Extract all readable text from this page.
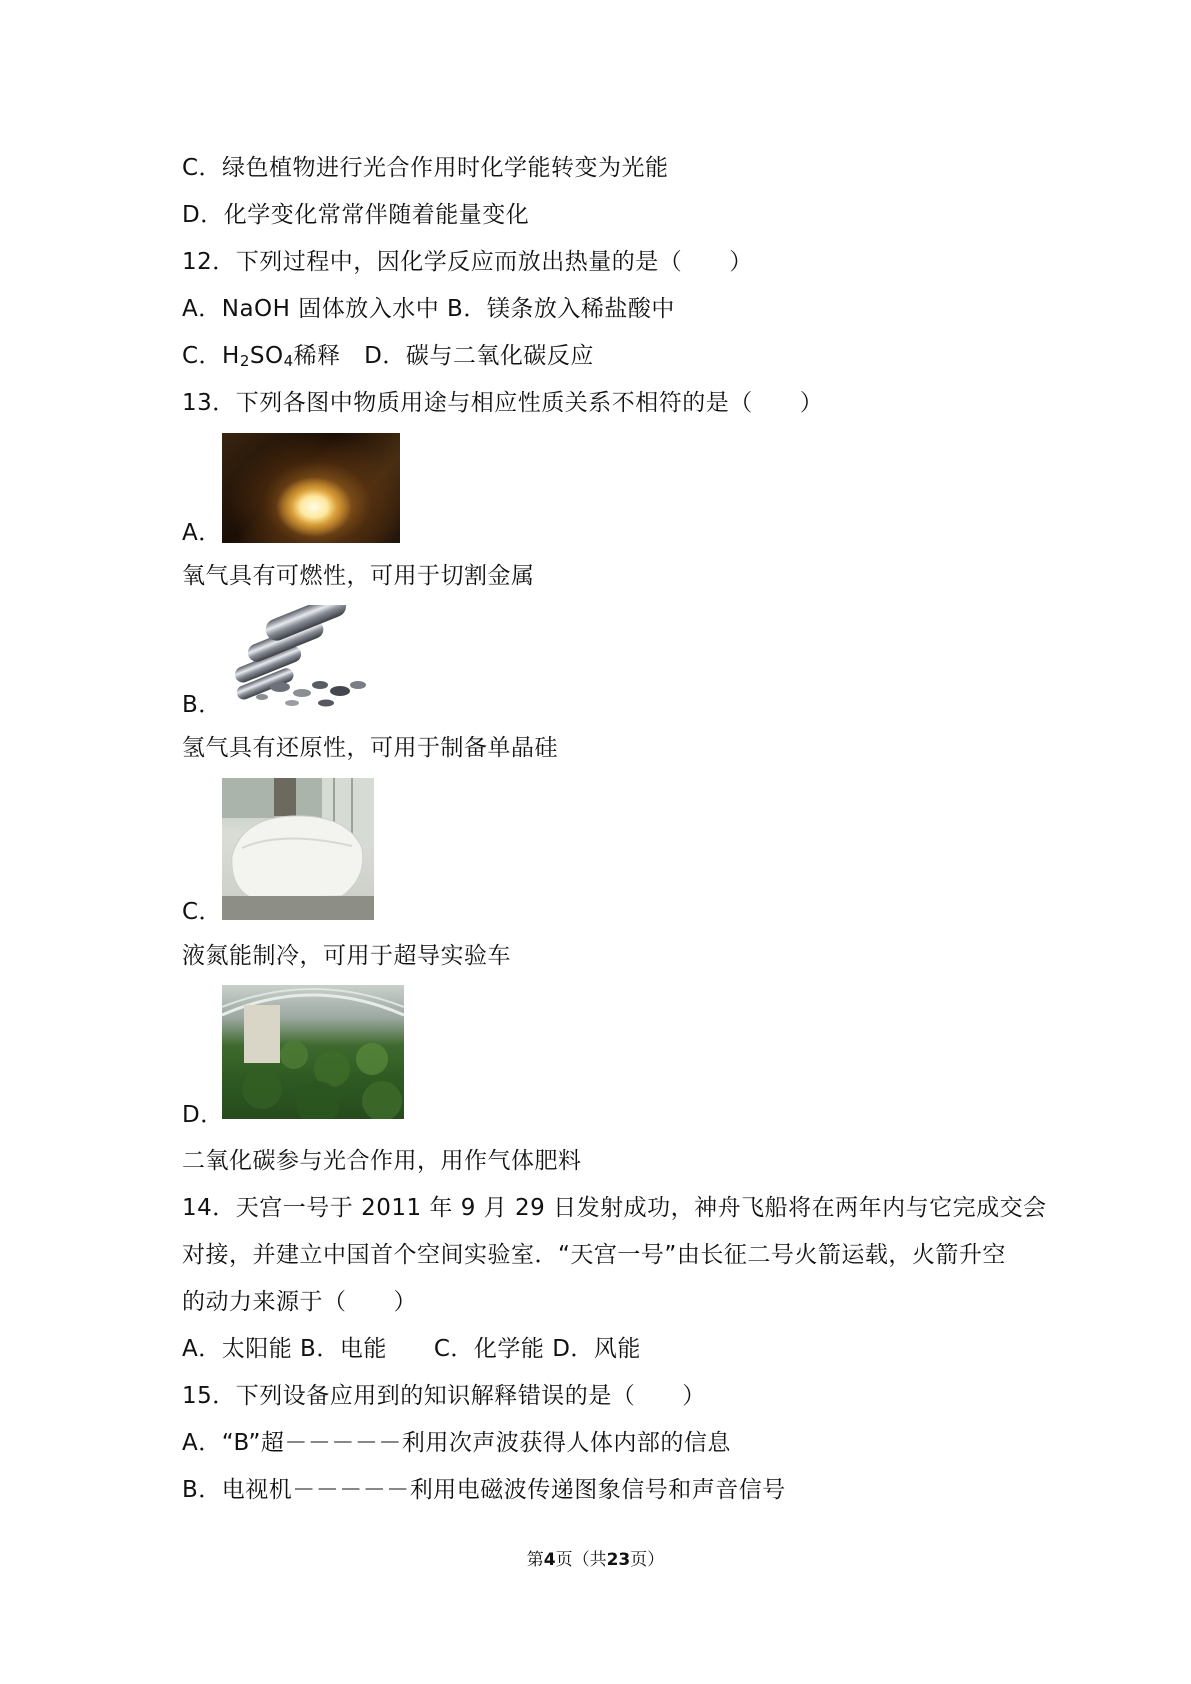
C．绿色植物进行光合作用时化学能转变为光能
D．化学变化常常伴随着能量变化
12．下列过程中，因化学反应而放出热量的是（　　）
A．NaOH 固体放入水中 B．镁条放入稀盐酸中
C．$H_2SO_4$稀释　D．碳与二氧化碳反应
13．下列各图中物质用途与相应性质关系不相符的是（　　）
A．
氧气具有可燃性，可用于切割金属
B．
氢气具有还原性，可用于制备单晶硅
C．
液氮能制冷，可用于超导实验车
D．
二氧化碳参与光合作用，用作气体肥料
14．天宫一号于 2011 年 9 月 29 日发射成功，神舟飞船将在两年内与它完成交会
对接，并建立中国首个空间实验室．“天宫一号”由长征二号火箭运载，火箭升空
的动力来源于（　　）
A．太阳能 B．电能　　C．化学能 D．风能
15．下列设备应用到的知识解释错误的是（　　）
A．“B”超－－－－－利用次声波获得人体内部的信息
B．电视机－－－－－利用电磁波传递图象信号和声音信号
第4页（共23页）
